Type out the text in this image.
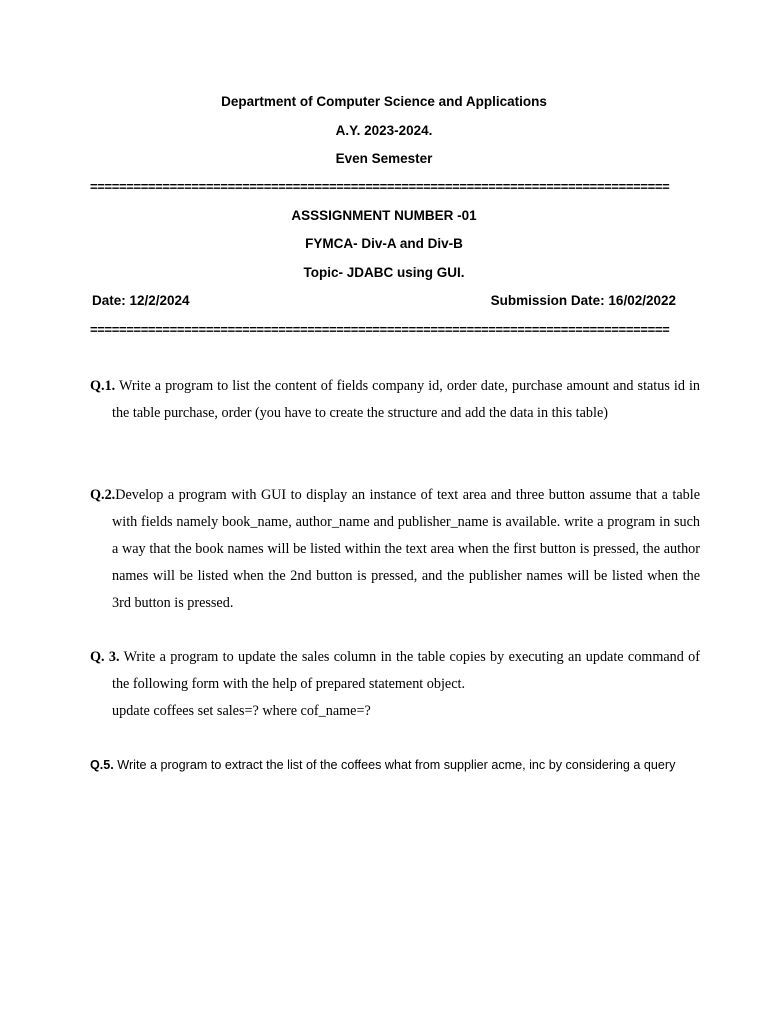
Department of Computer Science and Applications
A.Y. 2023-2024.
Even Semester
================================================================================
ASSSIGNMENT NUMBER -01
FYMCA- Div-A and Div-B
Topic- JDABC using GUI.
Date: 12/2/2024	Submission Date: 16/02/2022
================================================================================
Q.1. Write a program to list the content of fields company id, order date, purchase amount and status id in the table purchase, order (you have to create the structure and add the data in this table)
Q.2.Develop a program with GUI to display an instance of text area and three button assume that a table with fields namely book_name, author_name and publisher_name is available. write a program in such a way that the book names will be listed within the text area when the first button is pressed, the author names will be listed when the 2nd button is pressed, and the publisher names will be listed when the 3rd button is pressed.
Q. 3. Write a program to update the sales column in the table copies by executing an update command of the following form with the help of prepared statement object.
update coffees set sales=? where cof_name=?
Q.5. Write a program to extract the list of the coffees what from supplier acme, inc by considering a query
